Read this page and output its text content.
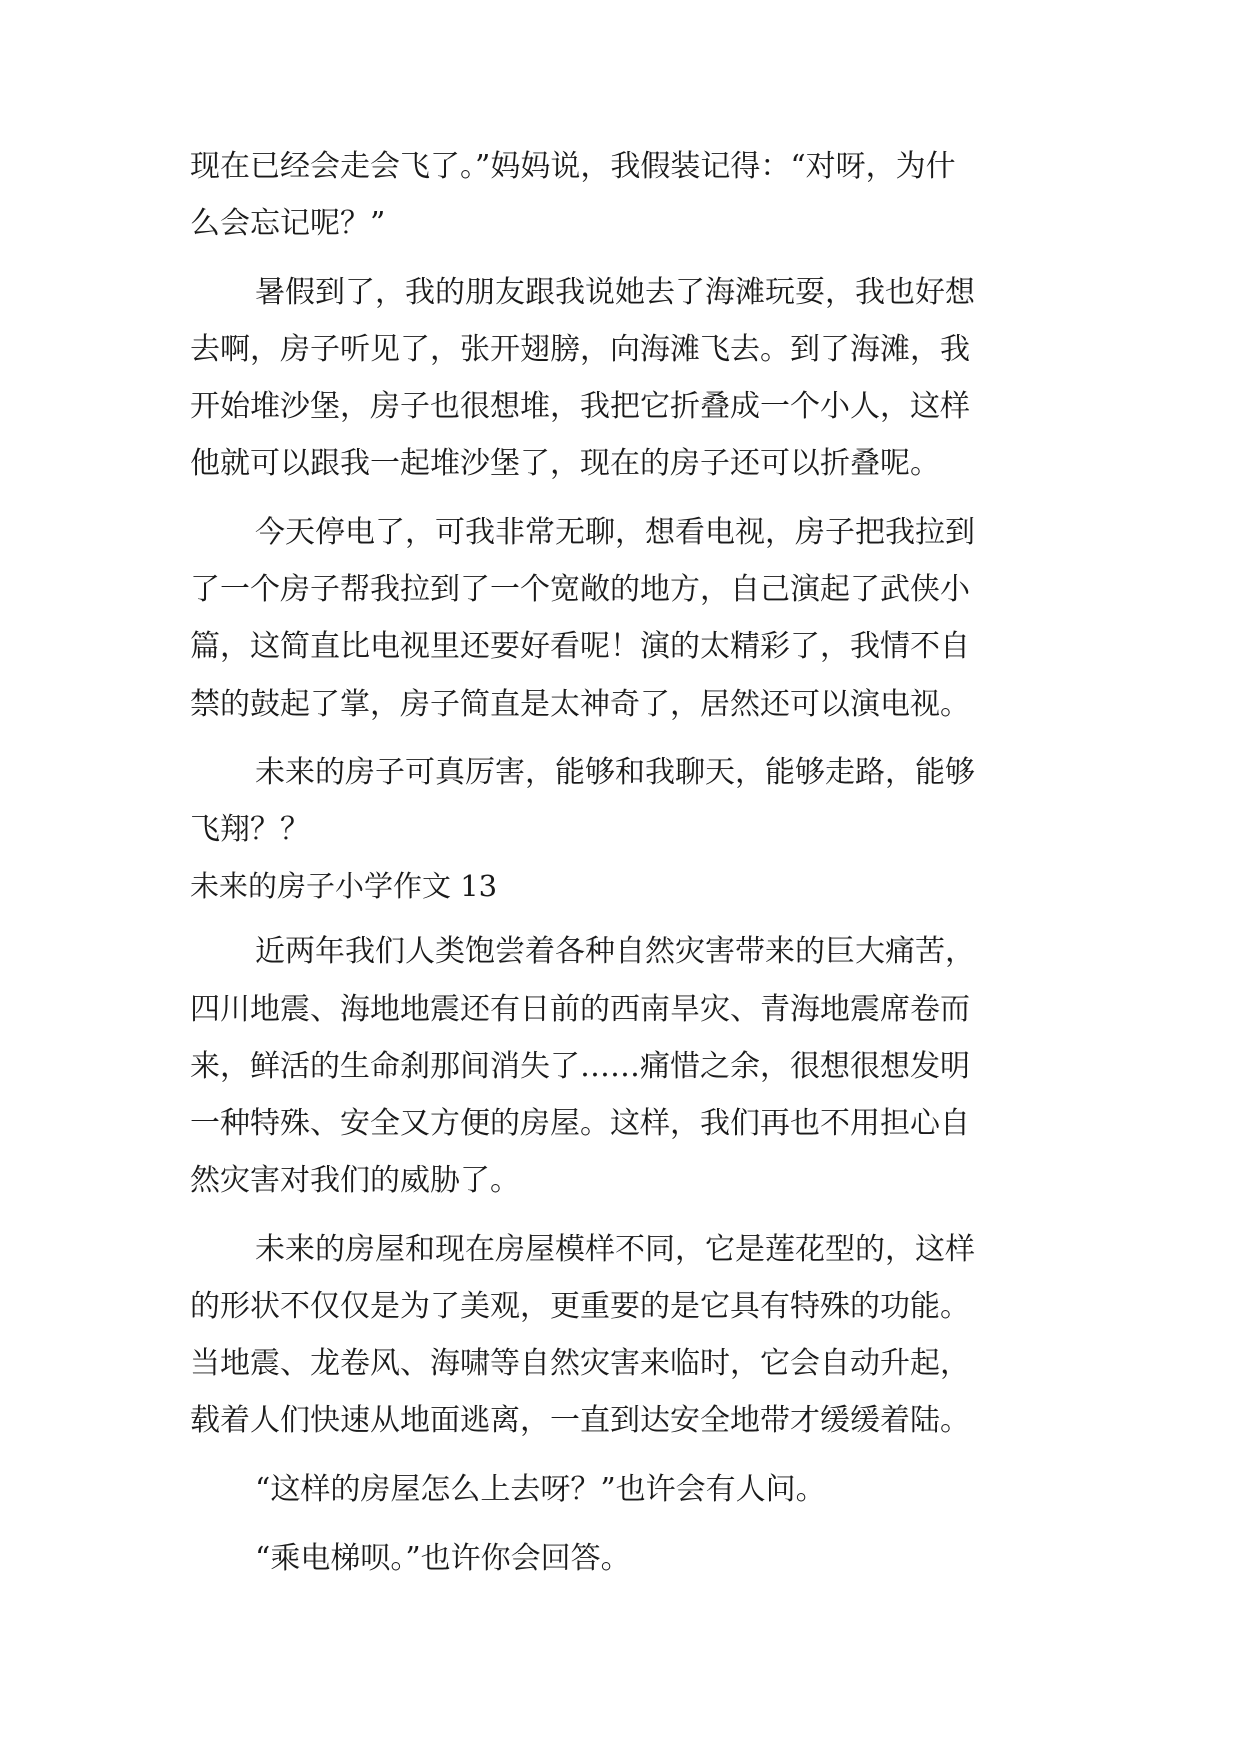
现在已经会走会飞了。”妈妈说，我假装记得：“对呀，为什
么会忘记呢？”
暑假到了，我的朋友跟我说她去了海滩玩耍，我也好想
去啊，房子听见了，张开翅膀，向海滩飞去。到了海滩，我
开始堆沙堡，房子也很想堆，我把它折叠成一个小人，这样
他就可以跟我一起堆沙堡了，现在的房子还可以折叠呢。
今天停电了，可我非常无聊，想看电视，房子把我拉到
了一个房子帮我拉到了一个宽敞的地方，自己演起了武侠小
篇，这简直比电视里还要好看呢！演的太精彩了，我情不自
禁的鼓起了掌，房子简直是太神奇了，居然还可以演电视。
未来的房子可真厉害，能够和我聊天，能够走路，能够
飞翔？？
未来的房子小学作文 13
近两年我们人类饱尝着各种自然灾害带来的巨大痛苦，
四川地震、海地地震还有日前的西南旱灾、青海地震席卷而
来，鲜活的生命刹那间消失了……痛惜之余，很想很想发明
一种特殊、安全又方便的房屋。这样，我们再也不用担心自
然灾害对我们的威胁了。
未来的房屋和现在房屋模样不同，它是莲花型的，这样
的形状不仅仅是为了美观，更重要的是它具有特殊的功能。
当地震、龙卷风、海啸等自然灾害来临时，它会自动升起，
载着人们快速从地面逃离，一直到达安全地带才缓缓着陆。
“这样的房屋怎么上去呀？”也许会有人问。
“乘电梯呗。”也许你会回答。
